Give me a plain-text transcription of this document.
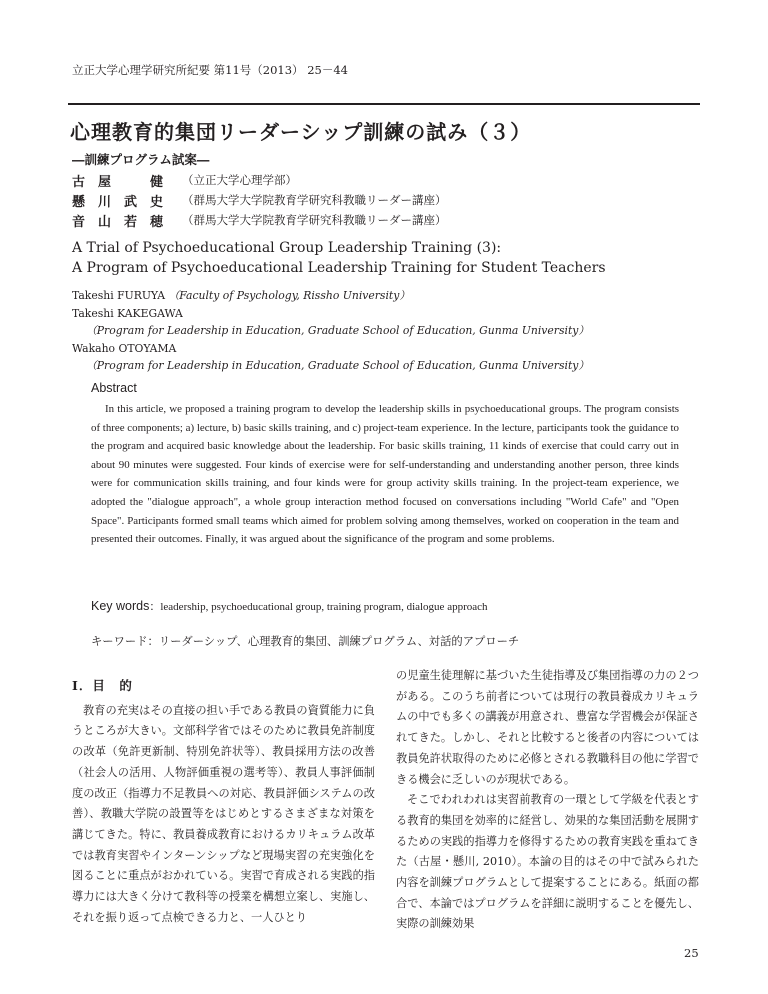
立正大学心理学研究所紀要 第11号（2013） 25－44
心理教育的集団リーダーシップ訓練の試み（３）
―訓練プログラム試案―
古　屋　　　健	（立正大学心理学部）
懸　川　武　史	（群馬大学大学院教育学研究科教職リーダー講座）
音　山　若　穂	（群馬大学大学院教育学研究科教職リーダー講座）
A Trial of Psychoeducational Group Leadership Training (3):
A Program of Psychoeducational Leadership Training for Student Teachers
Takeshi FURUYA （Faculty of Psychology, Rissho University）
Takeshi KAKEGAWA
（Program for Leadership in Education, Graduate School of Education, Gunma University）
Wakaho OTOYAMA
（Program for Leadership in Education, Graduate School of Education, Gunma University）
Abstract

In this article, we proposed a training program to develop the leadership skills in psychoeducational groups. The program consists of three components; a) lecture, b) basic skills training, and c) project-team experience. In the lecture, participants took the guidance to the program and acquired basic knowledge about the leadership. For basic skills training, 11 kinds of exercise that could carry out in about 90 minutes were suggested. Four kinds of exercise were for self-understanding and understanding another person, three kinds were for communication skills training, and four kinds were for group activity skills training. In the project-team experience, we adopted the "dialogue approach", a whole group interaction method focused on conversations including "World Cafe" and "Open Space". Participants formed small teams which aimed for problem solving among themselves, worked on cooperation in the team and presented their outcomes. Finally, it was argued about the significance of the program and some problems.

Key words：leadership, psychoeducational group, training program, dialogue approach
キーワード：リーダーシップ、心理教育的集団、訓練プログラム、対話的アプローチ
Ⅰ．目　的

教育の充実はその直接の担い手である教員の資質能力に負うところが大きい。文部科学省ではそのために教員免許制度の改革（免許更新制、特別免許状等）、教員採用方法の改善（社会人の活用、人物評価重視の選考等）、教員人事評価制度の改正（指導力不足教員への対応、教員評価システムの改善）、教職大学院の設置等をはじめとするさまざまな対策を講じてきた。特に、教員養成教育におけるカリキュラム改革では教育実習やインターンシップなど現場実習の充実強化を図ることに重点がおかれている。実習で育成される実践的指導力には大きく分けて教科等の授業を構想立案し、実施し、それを振り返って点検できる力と、一人ひとり

の児童生徒理解に基づいた生徒指導及び集団指導の力の２つがある。このうち前者については現行の教員養成カリキュラムの中でも多くの講義が用意され、豊富な学習機会が保証されてきた。しかし、それと比較すると後者の内容については教員免許状取得のために必修とされる教職科目の他に学習できる機会に乏しいのが現状である。

そこでわれわれは実習前教育の一環として学級を代表とする教育的集団を効率的に経営し、効果的な集団活動を展開するための実践的指導力を修得するための教育実践を重ねてきた（古屋・懸川, 2010）。本論の目的はその中で試みられた内容を訓練プログラムとして提案することにある。紙面の都合で、本論ではプログラムを詳細に説明することを優先し、実際の訓練効果

25
